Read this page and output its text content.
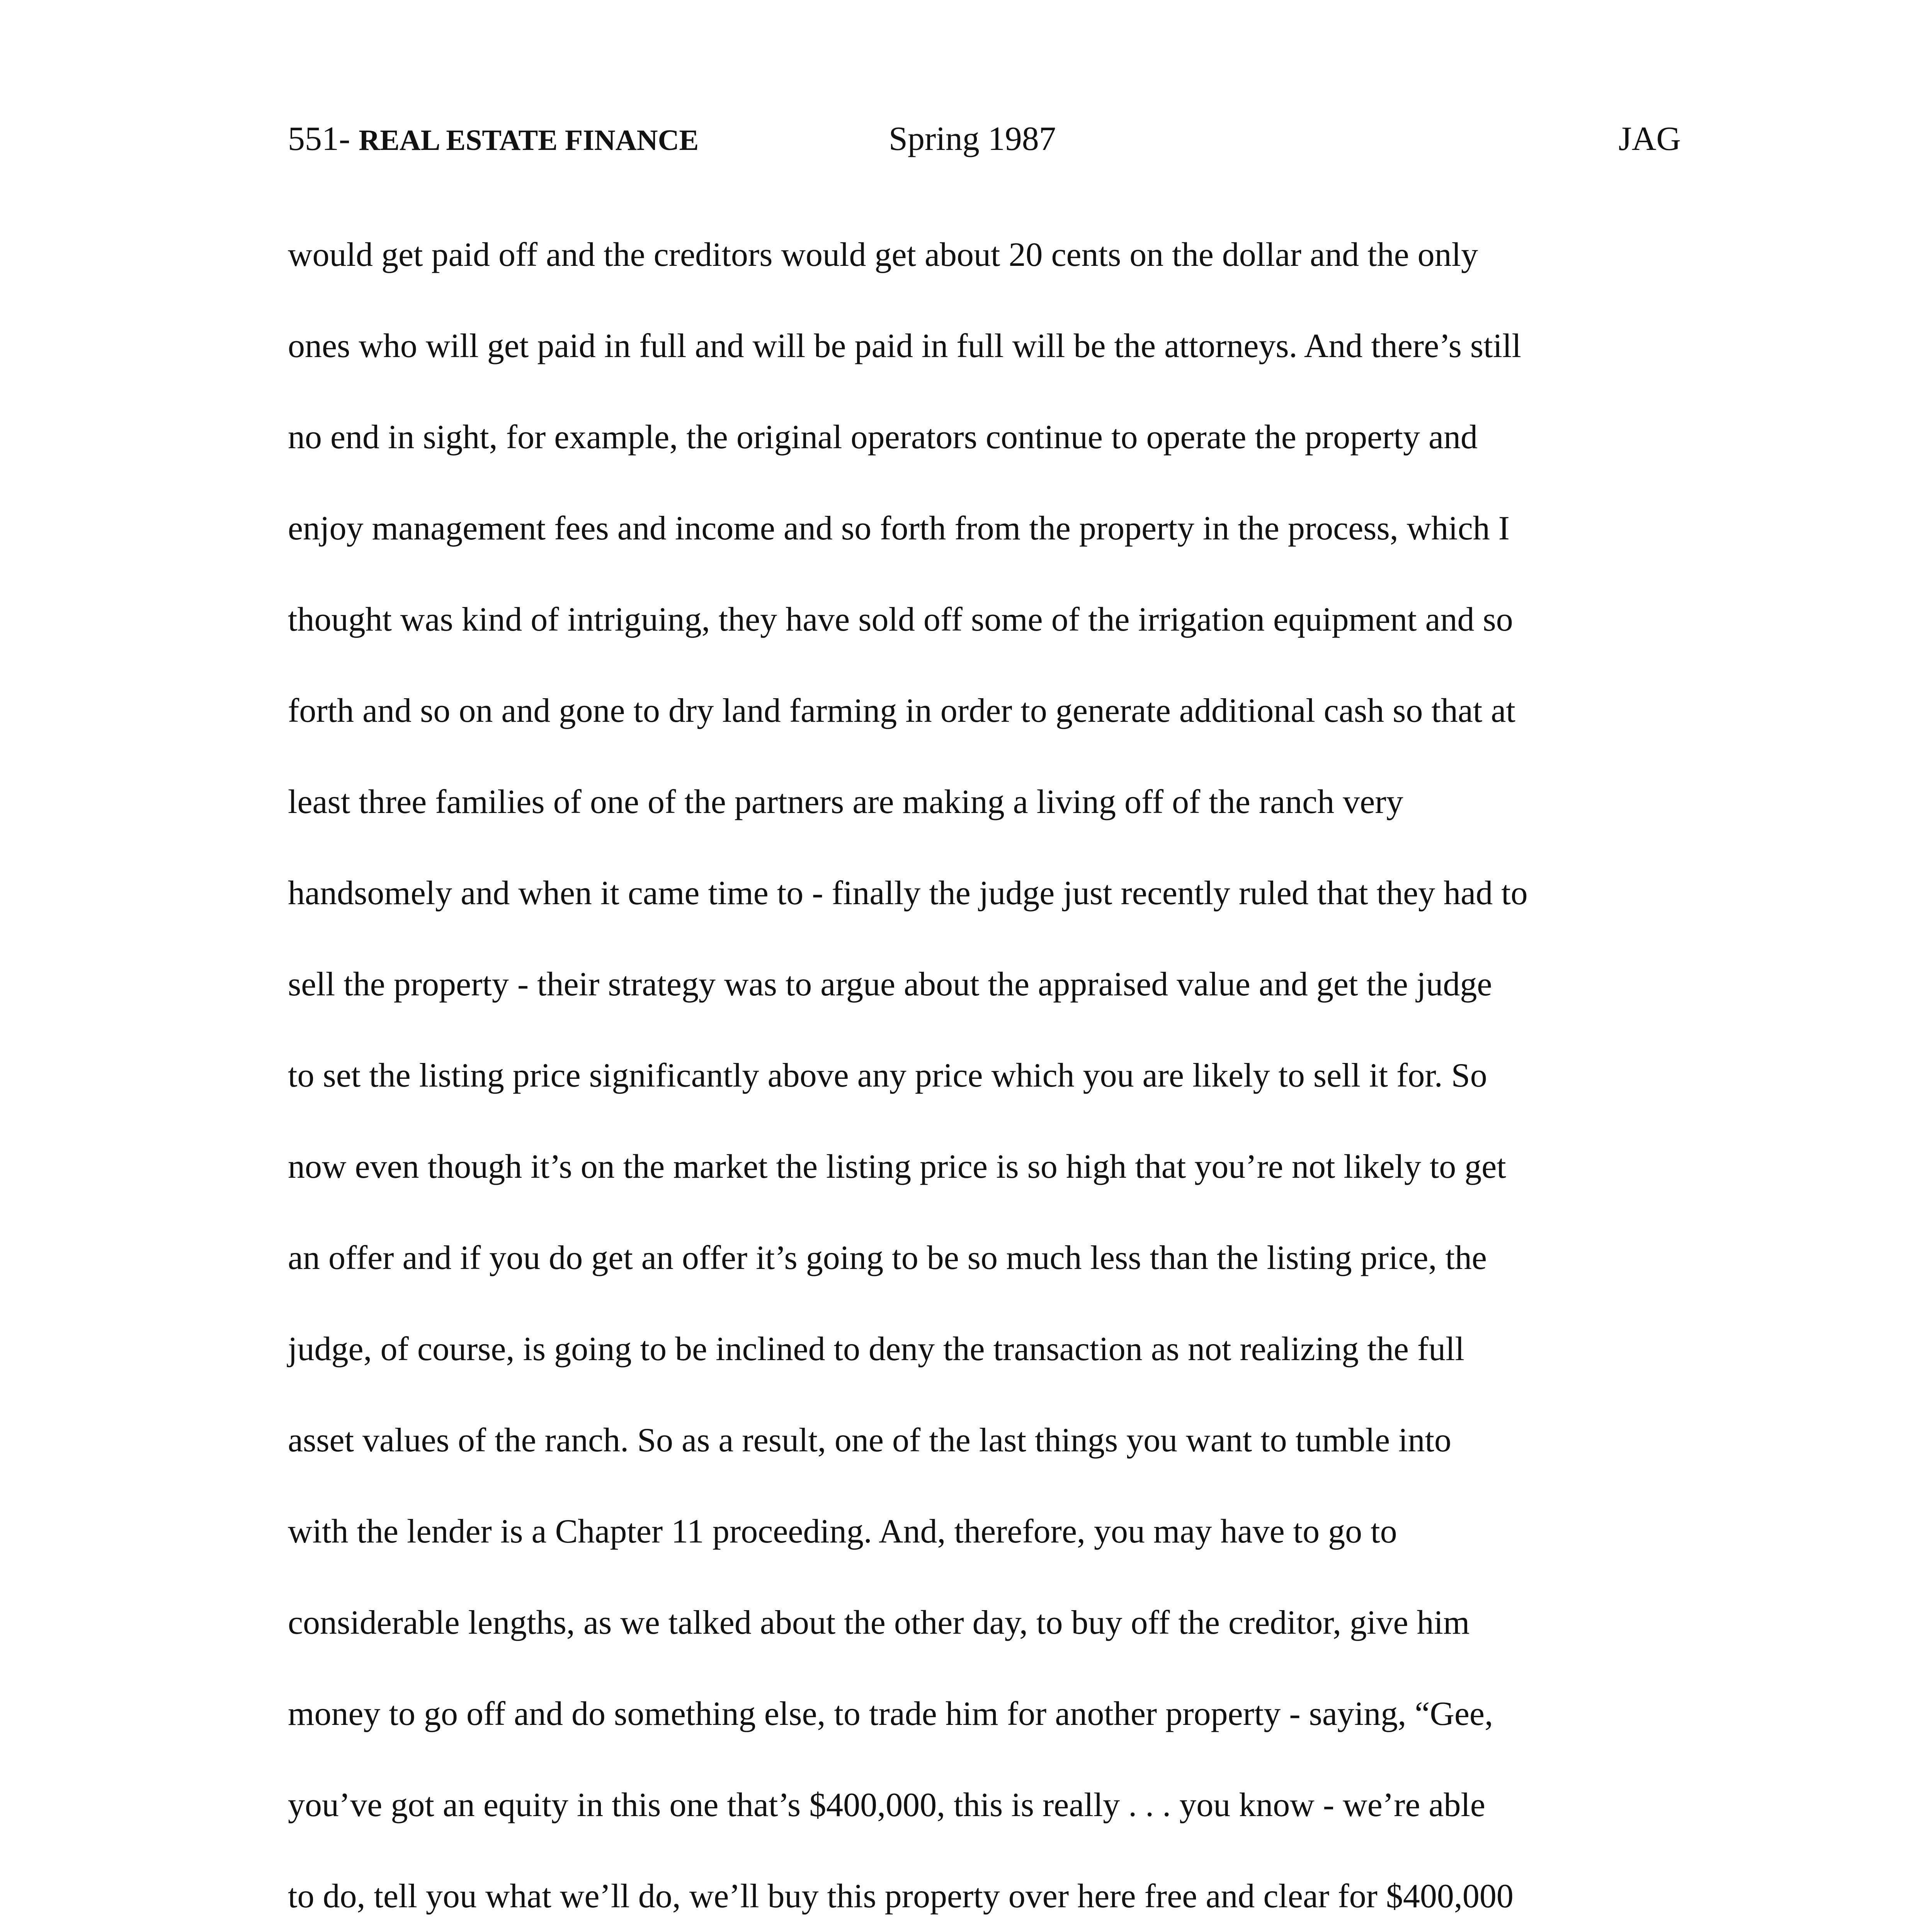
551- REAL ESTATE FINANCE	Spring 1987	JAG
would get paid off and the creditors would get about 20 cents on the dollar and the only
ones who will get paid in full and will be paid in full will be the attorneys. And there’s still
no end in sight, for example, the original operators continue to operate the property and
enjoy management fees and income and so forth from the property in the process, which I
thought was kind of intriguing, they have sold off some of the irrigation equipment and so
forth and so on and gone to dry land farming in order to generate additional cash so that at
least three families of one of the partners are making a living off of the ranch very
handsomely and when it came time to - finally the judge just recently ruled that they had to
sell the property - their strategy was to argue about the appraised value and get the judge
to set the listing price significantly above any price which you are likely to sell it for. So
now even though it’s on the market the listing price is so high that you’re not likely to get
an offer and if you do get an offer it’s going to be so much less than the listing price, the
judge, of course, is going to be inclined to deny the transaction as not realizing the full
asset values of the ranch. So as a result, one of the last things you want to tumble into
with the lender is a Chapter 11 proceeding. And, therefore, you may have to go to
considerable lengths, as we talked about the other day, to buy off the creditor, give him
money to go off and do something else, to trade him for another property - saying, “Gee,
you’ve got an equity in this one that’s $400,000, this is really . . . you know - we’re able
to do, tell you what we’ll do, we’ll buy this property over here free and clear for $400,000
